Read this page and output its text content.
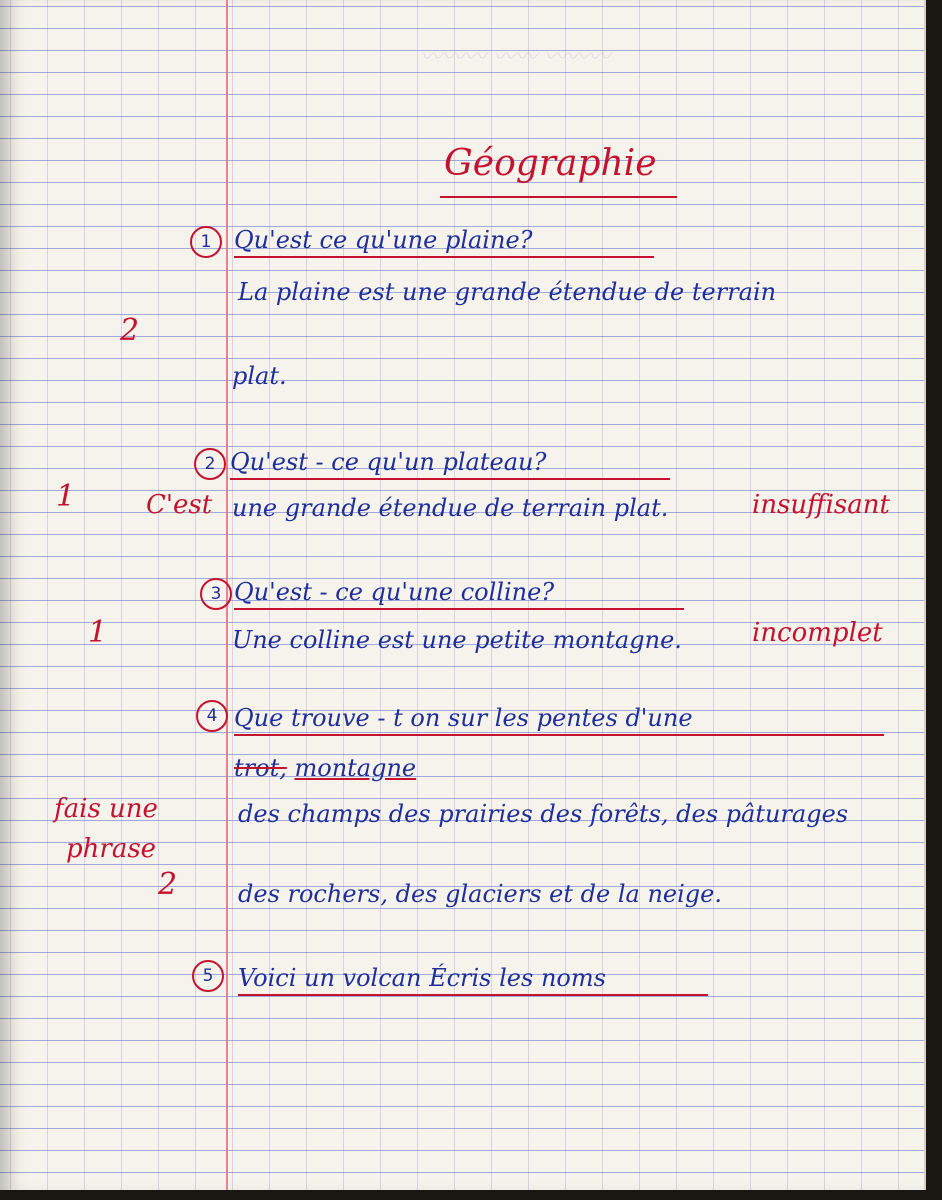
〰〰〰 〰〰 〰〰〰
Géographie
1 Qu'est ce qu'une plaine?
La plaine est une grande étendue de terrain
plat.
2
2 Qu'est - ce qu'un plateau?
C'est une grande étendue de terrain plat.	insuffisant
1
3 Qu'est - ce qu'une colline?
Une colline est une petite montagne.	incomplet
1
4 Que trouve - t on sur les pentes d'une
trot, montagne
des champs des prairies des forêts, des pâturages
des rochers, des glaciers et de la neige.
fais une
phrase
2
5	Voici un volcan Écris les noms
